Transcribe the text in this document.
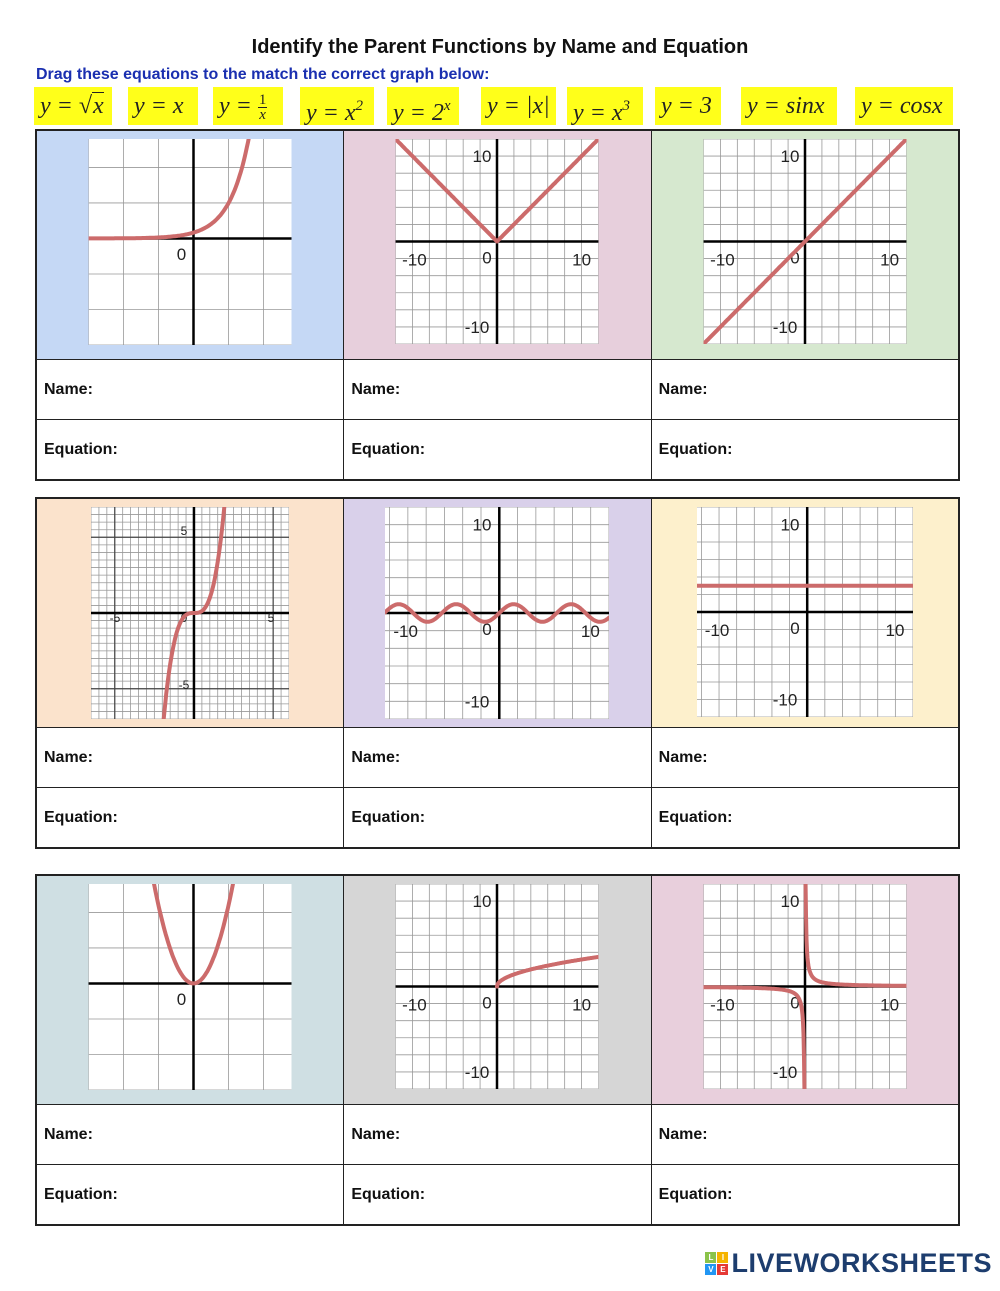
Identify the Parent Functions by Name and Equation
Drag these equations to the match the correct graph below:
y = √x	y = x	$y = \frac{1}{x}$ $y = x^2$	$y = 2^x$	y = |x| $y = x^3$	y = 3	y = sinx	y = cosx
0
10
-10	0	10
-10
10
-10	0	10
-10
Name:	Name:	Name:
Equation:	Equation:	Equation:
5
-5	0	5
-5
10
-10	0	10
-10
10
-10	0	10
-10
Name:	Name:	Name:
Equation:	Equation:	Equation:
0
10
-10	0	10
-10
10
-10	0	10
-10
Name:	Name:	Name:
Equation:	Equation:	Equation:
L	I
V E LIVEWORKSHEETS
